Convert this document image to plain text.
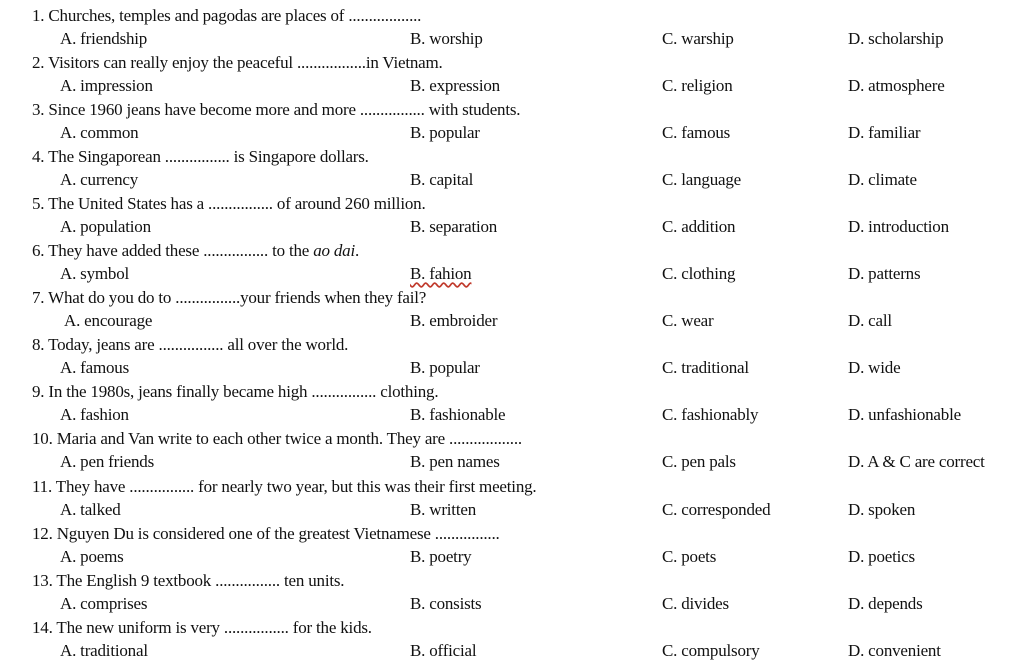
1. Churches, temples and pagodas are places of ..................
A. friendship	B. worship	C. warship	D. scholarship
2. Visitors can really enjoy the peaceful .................in Vietnam.
A. impression	B. expression	C. religion	D. atmosphere
3. Since 1960 jeans have become more and more ................ with students.
A. common	B. popular	C. famous	D. familiar
4. The Singaporean ................ is Singapore dollars.
A. currency	B. capital	C. language	D. climate
5. The United States has a ................ of around 260 million.
A. population	B. separation	C. addition	D. introduction
6. They have added these ................ to the ao dai.
A. symbol	B. fahion	C. clothing	D. patterns
7. What do you do to ................your friends when they fail?
A. encourage	B. embroider	C. wear	D. call
8. Today, jeans are ................ all over the world.
A. famous	B. popular	C. traditional	D. wide
9. In the 1980s, jeans finally became high ................ clothing.
A. fashion	B. fashionable	C. fashionably	D. unfashionable
10. Maria and Van write to each other twice a month. They are ..................
A. pen friends	B. pen names	C. pen pals	D. A & C are correct
11. They have ................ for nearly two year, but this was their first meeting.
A. talked	B. written	C. corresponded	D. spoken
12. Nguyen Du is considered one of the greatest Vietnamese ................
A. poems	B. poetry	C. poets	D. poetics
13. The English 9 textbook ................ ten units.
A. comprises	B. consists	C. divides	D. depends
14. The new uniform is very ................ for the kids.
A. traditional	B. official	C. compulsory	D. convenient
